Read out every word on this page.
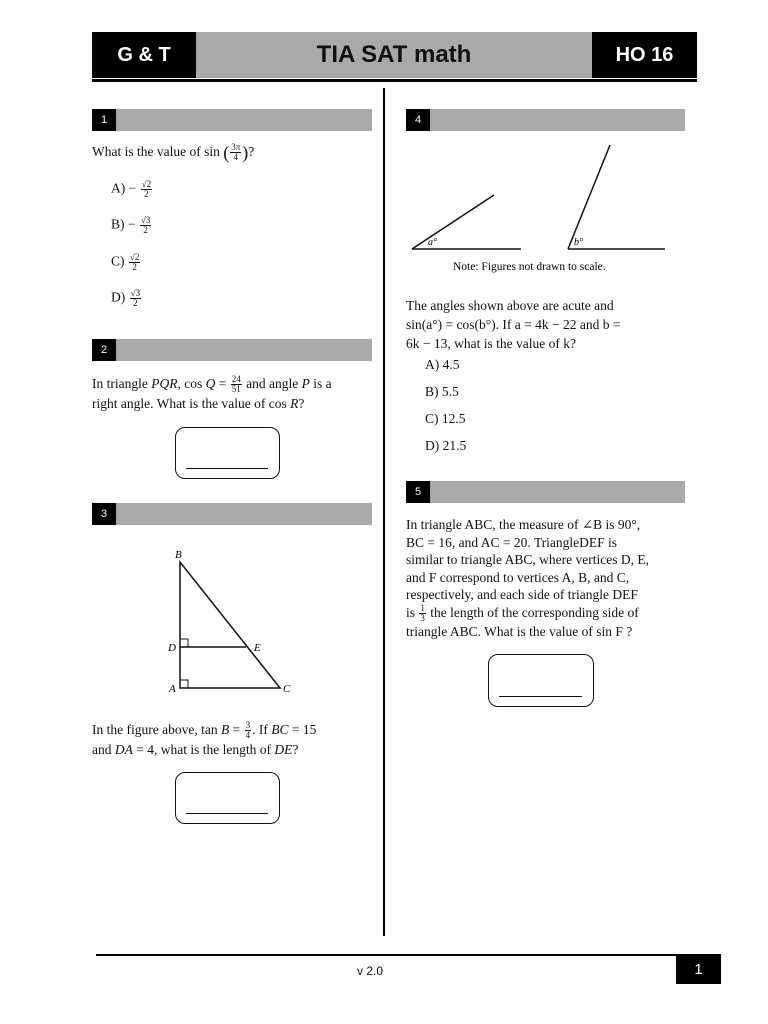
G & T	TIA SAT math	HO 16
1
What is the value of sin ( $\frac{3\pi}{4}$ )?
$A) - \frac{√2}{2}$
$B) - \frac{√3}{2}$
$C) \frac{√2}{2}$
$D) \frac{√3}{2}$
2
In triangle PQR, $\cos Q = \frac{24}{51}$ and angle P is a
right angle. What is the value of cos R?
3
B
D	E
A	C
In the figure above, $\tan B = \frac{3}{4}$ . If BC = 15
and DA = 4, what is the length of DE?
4
a°	b°
Note: Figures not drawn to scale.
The angles shown above are acute and
sin(a°) = cos(b°). If a = 4k − 22 and b =
6k − 13, what is the value of k?
A) 4.5
B) 5.5
C) 12.5
D) 21.5
5
In triangle ABC, the measure of ∠B is 90°,
BC = 16, and AC = 20. TriangleDEF is
similar to triangle ABC, where vertices D, E,
and F correspond to vertices A, B, and C,
respectively, and each side of triangle DEF
is $\frac{1}{3}$ the length of the corresponding side of
triangle ABC. What is the value of sin F ?
v 2.0	1
